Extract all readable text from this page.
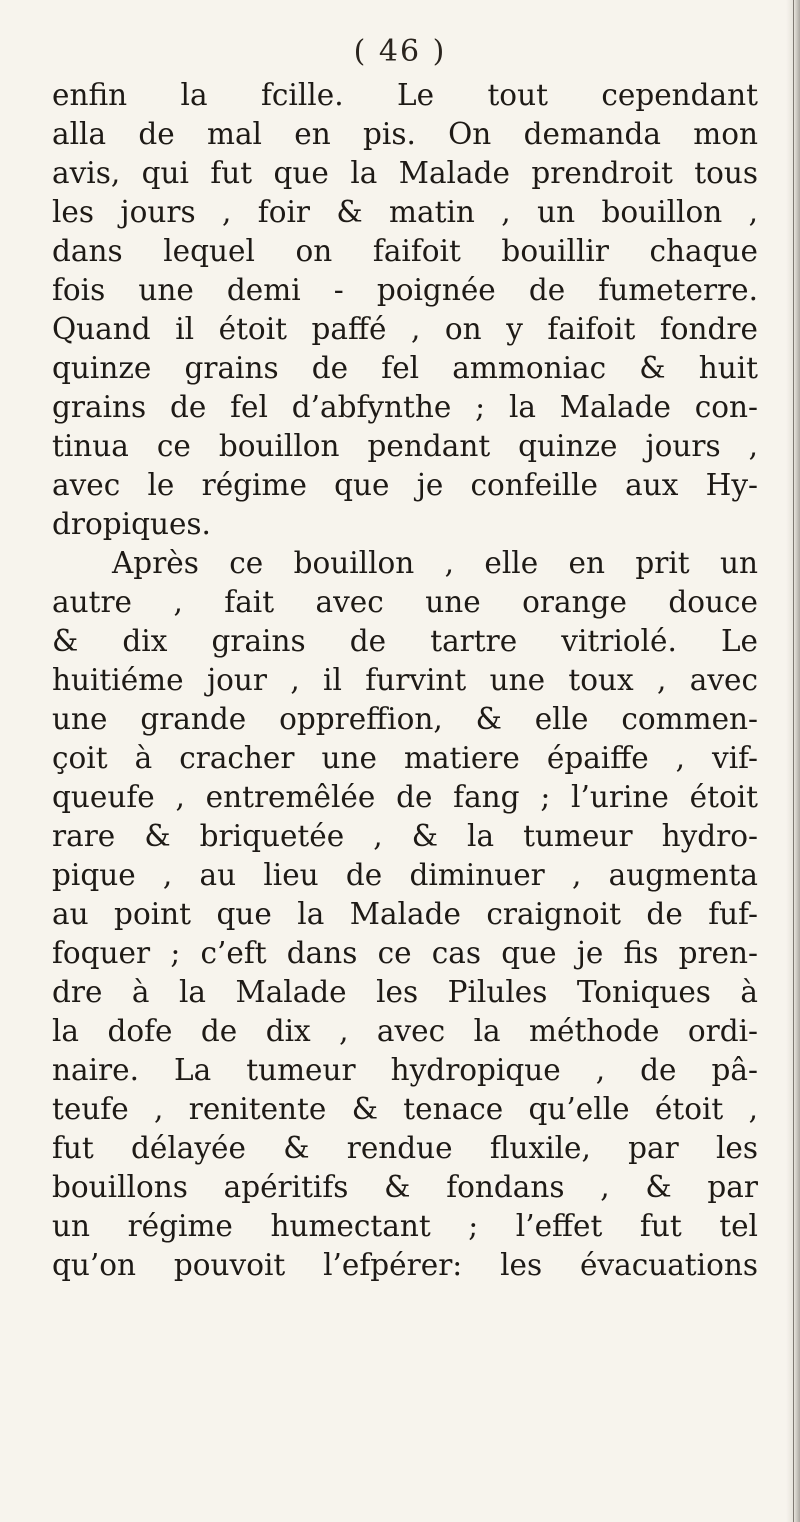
( 46 )
enfin la fcille. Le tout cependant
alla de mal en pis. On demanda mon
avis, qui fut que la Malade prendroit tous
les jours , foir & matin , un bouillon ,
dans lequel on faifoit bouillir chaque
fois une demi - poignée de fumeterre.
Quand il étoit paffé , on y faifoit fondre
quinze grains de fel ammoniac & huit
grains de fel d’abfynthe ; la Malade con-
tinua ce bouillon pendant quinze jours ,
avec le régime que je confeille aux Hy-
dropiques.
Après ce bouillon , elle en prit un
autre , fait avec une orange douce
& dix grains de tartre vitriolé. Le
huitiéme jour , il furvint une toux , avec
une grande oppreffion, & elle commen-
çoit à cracher une matiere épaiffe , vif-
queufe , entremêlée de fang ; l’urine étoit
rare & briquetée , & la tumeur hydro-
pique , au lieu de diminuer , augmenta
au point que la Malade craignoit de fuf-
foquer ; c’eft dans ce cas que je fis pren-
dre à la Malade les Pilules Toniques à
la dofe de dix , avec la méthode ordi-
naire. La tumeur hydropique , de pâ-
teufe , renitente & tenace qu’elle étoit ,
fut délayée & rendue fluxile, par les
bouillons apéritifs & fondans , & par
un régime humectant ; l’effet fut tel
qu’on pouvoit l’efpérer: les évacuations
